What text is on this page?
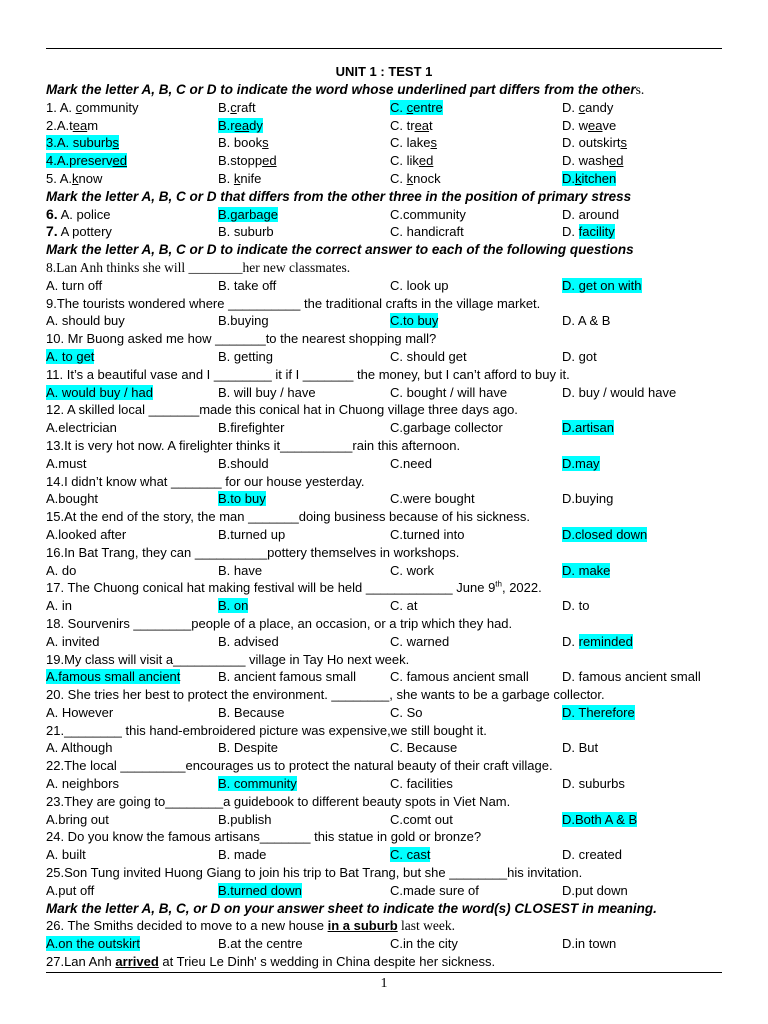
UNIT 1 : TEST 1
Mark the letter A, B, C or D to indicate the word whose underlined part differs from the others.
1. A. community	B.craft	C. centre	D. candy
2.A.team	B.ready	C. treat	D. weave
3.A. suburbs	B. books	C. lakes	D. outskirts
4.A.preserved	B.stopped	C. liked	D. washed
5. A.know	B. knife	C. knock	D.kitchen
Mark the letter A, B, C or D that differs from the other three in the position of primary stress
6. A. police	B.garbage	C.community	D. around
7. A pottery	B. suburb	C. handicraft	D. facility
Mark the letter A, B, C or D to indicate the correct answer to each of the following questions
8.Lan Anh thinks she will ________her new classmates.
A. turn off	B. take off	C. look up	D. get on with
9.The tourists wondered where __________ the traditional crafts in the village market.
A. should buy	B.buying	C.to buy	D. A & B
10. Mr Buong asked me how _______to the nearest shopping mall?
A. to get	B. getting	C. should get	D. got
11. It’s a beautiful vase and I ________ it if I _______ the money, but I can’t afford to buy it.
A. would buy / had	B. will buy / have	C. bought / will have	D. buy / would have
12. A skilled local _______made this conical hat in Chuong village three days ago.
A.electrician	B.firefighter	C.garbage collector	D.artisan
13.It is very hot now. A firelighter thinks it__________rain this afternoon.
A.must	B.should	C.need	D.may
14.I didn’t know what _______ for our house yesterday.
A.bought	B.to buy	C.were bought	D.buying
15.At the end of the story, the man _______doing business because of his sickness.
A.looked after	B.turned up	C.turned into	D.closed down
16.In Bat Trang, they can __________pottery themselves in workshops.
A. do	B. have	C. work	D. make
17. The Chuong conical hat making festival will be held ____________ June 9th, 2022.
A. in	B. on	C. at	D. to
18. Sourvenirs ________people of a place, an occasion, or a trip which they had.
A. invited	B. advised	C. warned	D. reminded
19.My class will visit a__________ village in Tay Ho next week.
A.famous small ancient	B. ancient famous small	C. famous ancient small	D. famous ancient small
20. She tries her best to protect the environment. ________, she wants to be a garbage collector.
A. However	B. Because	C. So	D. Therefore
21.________ this hand-embroidered picture was expensive,we still bought it.
A. Although	B. Despite	C. Because	D. But
22.The local _________encourages us to protect the natural beauty of their craft village.
A. neighbors	B. community	C. facilities	D. suburbs
23.They are going to________a guidebook to different beauty spots in Viet Nam.
A.bring out	B.publish	C.comt out	D.Both A & B
24. Do you know the famous artisans_______ this statue in gold or bronze?
A. built	B. made	C. cast	D. created
25.Son Tung invited Huong Giang to join his trip to Bat Trang, but she ________his invitation.
A.put off	B.turned down	C.made sure of	D.put down
Mark the letter A, B, C, or D on your answer sheet to indicate the word(s) CLOSEST in meaning.
26. The Smiths decided to move to a new house in a suburb last week.
A.on the outskirt	B.at the centre	C.in the city	D.in town
27.Lan Anh arrived at Trieu Le Dinh' s wedding in China despite her sickness.
1
